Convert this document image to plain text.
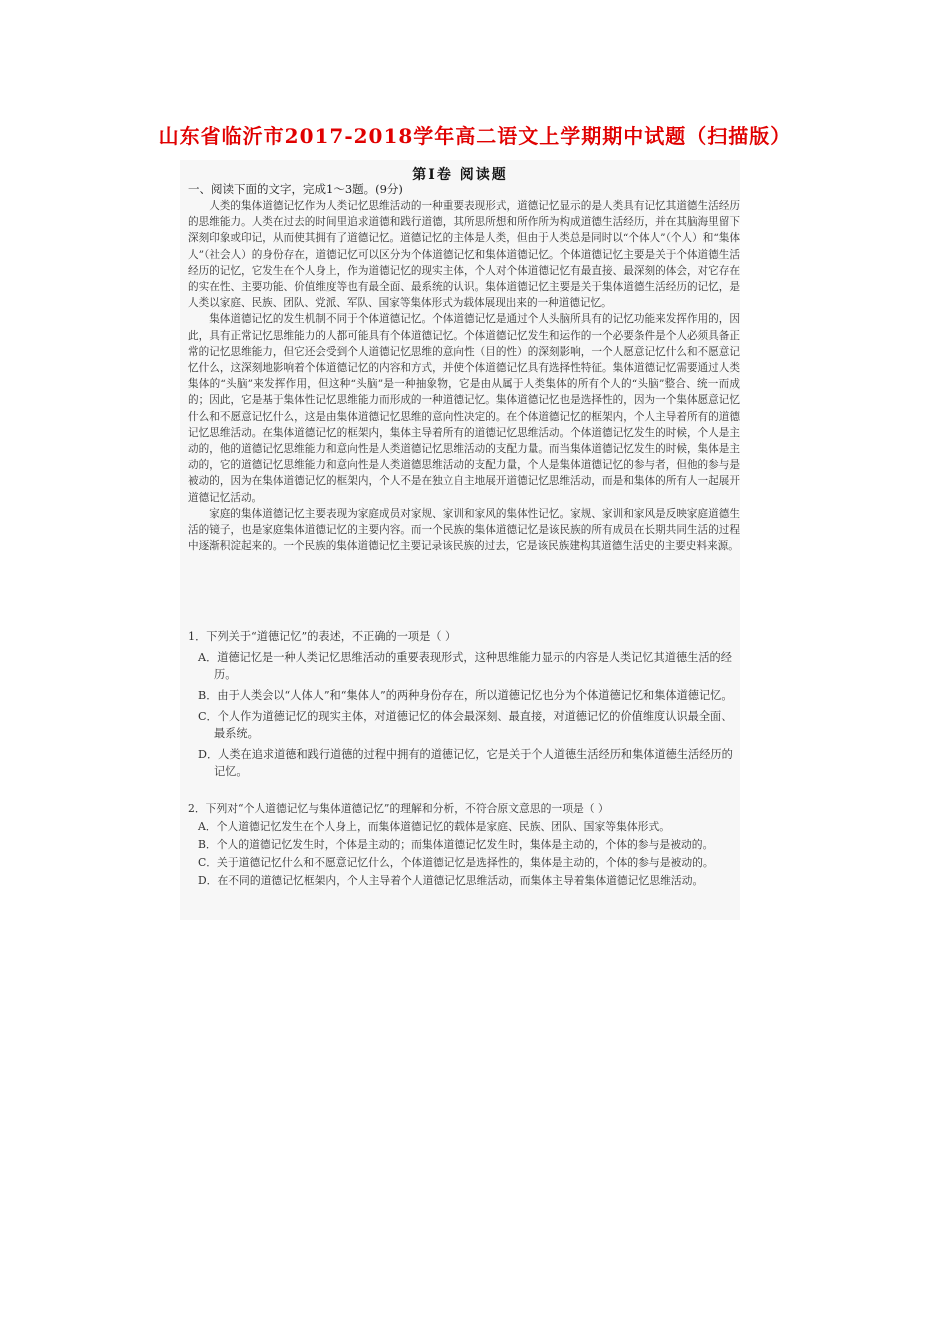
山东省临沂市2017-2018学年高二语文上学期期中试题（扫描版）
第Ⅰ卷 阅读题
一、阅读下面的文字，完成1～3题。(9分)

人类的集体道德记忆作为人类记忆思维活动的一种重要表现形式，道德记忆显示的是人类具有记忆其道德生活经历的思维能力。人类在过去的时间里追求道德和践行道德，其所思所想和所作所为构成道德生活经历，并在其脑海里留下深刻印象或印记，从而使其拥有了道德记忆。道德记忆的主体是人类，但由于人类总是同时以“个体人”（个人）和“集体人”（社会人）的身份存在，道德记忆可以区分为个体道德记忆和集体道德记忆。个体道德记忆主要是关于个体道德生活经历的记忆，它发生在个人身上，作为道德记忆的现实主体，个人对个体道德记忆有最直接、最深刻的体会，对它存在的实在性、主要功能、价值维度等也有最全面、最系统的认识。集体道德记忆主要是关于集体道德生活经历的记忆，是人类以家庭、民族、团队、党派、军队、国家等集体形式为载体展现出来的一种道德记忆。

集体道德记忆的发生机制不同于个体道德记忆。个体道德记忆是通过个人头脑所具有的记忆功能来发挥作用的，因此，具有正常记忆思维能力的人都可能具有个体道德记忆。个体道德记忆发生和运作的一个必要条件是个人必须具备正常的记忆思维能力，但它还会受到个人道德记忆思维的意向性（目的性）的深刻影响，一个人愿意记忆什么和不愿意记忆什么，这深刻地影响着个体道德记忆的内容和方式，并使个体道德记忆具有选择性特征。集体道德记忆需要通过人类集体的“头脑”来发挥作用，但这种“头脑”是一种抽象物，它是由从属于人类集体的所有个人的“头脑”整合、统一而成的；因此，它是基于集体性记忆思维能力而形成的一种道德记忆。集体道德记忆也是选择性的，因为一个集体愿意记忆什么和不愿意记忆什么，这是由集体道德记忆思维的意向性决定的。在个体道德记忆的框架内，个人主导着所有的道德记忆思维活动。在集体道德记忆的框架内，集体主导着所有的道德记忆思维活动。个体道德记忆发生的时候，个人是主动的，他的道德记忆思维能力和意向性是人类道德记忆思维活动的支配力量。而当集体道德记忆发生的时候，集体是主动的，它的道德记忆思维能力和意向性是人类道德思维活动的支配力量，个人是集体道德记忆的参与者，但他的参与是被动的，因为在集体道德记忆的框架内，个人不是在独立自主地展开道德记忆思维活动，而是和集体的所有人一起展开道德记忆活动。

家庭的集体道德记忆主要表现为家庭成员对家规、家训和家风的集体性记忆。家规、家训和家风是反映家庭道德生活的镜子，也是家庭集体道德记忆的主要内容。而一个民族的集体道德记忆是该民族的所有成员在长期共同生活的过程中逐渐积淀起来的。一个民族的集体道德记忆主要记录该民族的过去，它是该民族建构其道德生活史的主要史料来源。

1．下列关于“道德记忆”的表述，不正确的一项是（ ）
A．道德记忆是一种人类记忆思维活动的重要表现形式，这种思维能力显示的内容是人类记忆其道德生活的经历。
B．由于人类会以“人体人”和“集体人”的两种身份存在，所以道德记忆也分为个体道德记忆和集体道德记忆。
C．个人作为道德记忆的现实主体，对道德记忆的体会最深刻、最直接，对道德记忆的价值维度认识最全面、最系统。
D．人类在追求道德和践行道德的过程中拥有的道德记忆，它是关于个人道德生活经历和集体道德生活经历的记忆。
2．下列对“个人道德记忆与集体道德记忆”的理解和分析，不符合原文意思的一项是（ ）
A．个人道德记忆发生在个人身上，而集体道德记忆的载体是家庭、民族、团队、国家等集体形式。
B．个人的道德记忆发生时，个体是主动的；而集体道德记忆发生时，集体是主动的，个体的参与是被动的。
C．关于道德记忆什么和不愿意记忆什么，个体道德记忆是选择性的，集体是主动的，个体的参与是被动的。
D．在不同的道德记忆框架内，个人主导着个人道德记忆思维活动，而集体主导着集体道德记忆思维活动。
